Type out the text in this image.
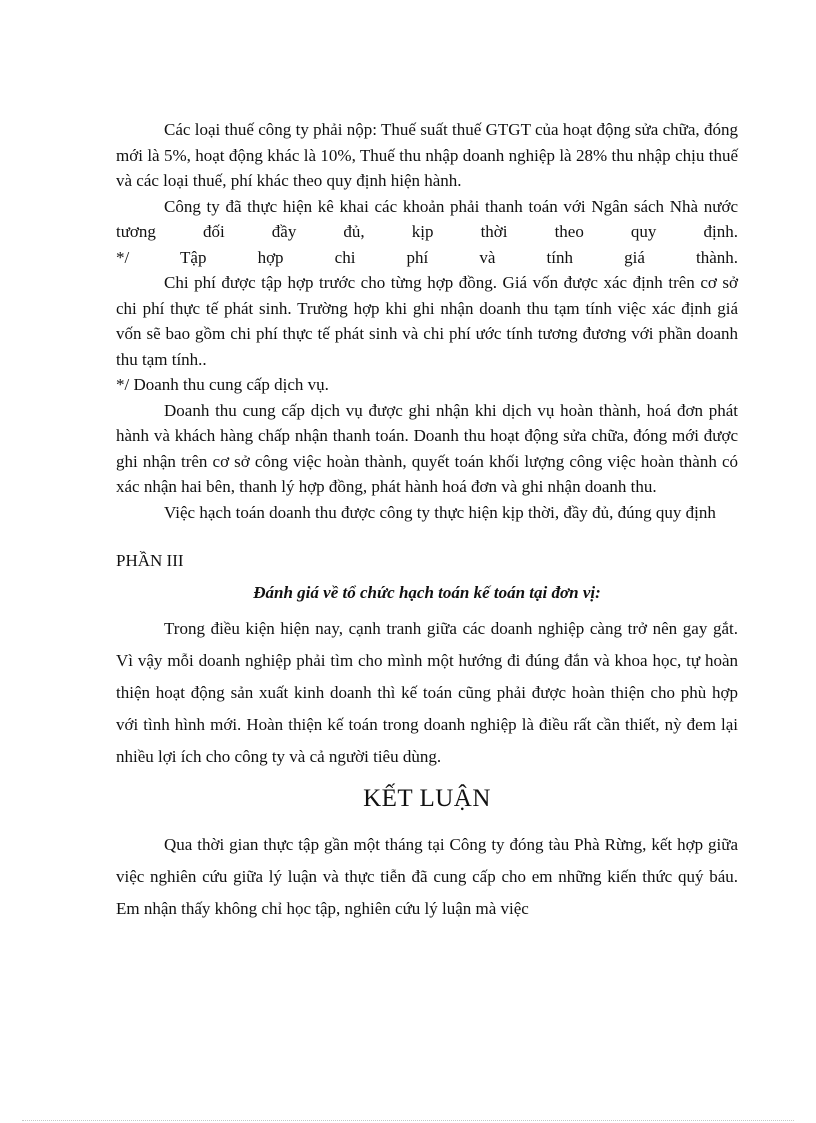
Các loại thuế công ty phải nộp: Thuế suất thuế GTGT của hoạt động sửa chữa, đóng mới là 5%, hoạt động khác là 10%, Thuế thu nhập doanh nghiệp là 28% thu nhập chịu thuế và các loại thuế, phí khác theo quy định hiện hành.

Công ty đã thực hiện kê khai các khoản phải thanh toán với Ngân sách Nhà nước tương đối đầy đủ, kịp thời theo quy định.

*/ Tập hợp chi phí và tính giá thành.

Chi phí được tập hợp trước cho từng hợp đồng. Giá vốn được xác định trên cơ sở chi phí thực tế phát sinh. Trường hợp khi ghi nhận doanh thu tạm tính việc xác định giá vốn sẽ bao gồm chi phí thực tế phát sinh và chi phí ước tính tương đương với phần doanh thu tạm tính..

*/ Doanh thu cung cấp dịch vụ.

Doanh thu cung cấp dịch vụ được ghi nhận khi dịch vụ hoàn thành, hoá đơn phát hành và khách hàng chấp nhận thanh toán. Doanh thu hoạt động sửa chữa, đóng mới được ghi nhận trên cơ sở công việc hoàn thành, quyết toán khối lượng công việc hoàn thành có xác nhận hai bên, thanh lý hợp đồng, phát hành hoá đơn và ghi nhận doanh thu.

Việc hạch toán doanh thu được công ty thực hiện kịp thời, đầy đủ, đúng quy định

PHẦN III

Đánh giá về tổ chức hạch toán kế toán tại đơn vị:

Trong điều kiện hiện nay, cạnh tranh giữa các doanh nghiệp càng trở nên gay gắt. Vì vậy mỗi doanh nghiệp phải tìm cho mình một hướng đi đúng đắn và khoa học, tự hoàn thiện hoạt động sản xuất kinh doanh thì kế toán cũng phải được hoàn thiện cho phù hợp với tình hình mới. Hoàn thiện kế toán trong doanh nghiệp là điều rất cần thiết, nỳ đem lại nhiều lợi ích cho công ty và cả người tiêu dùng.

KẾT LUẬN

Qua thời gian thực tập gần một tháng tại Công ty đóng tàu Phà Rừng, kết hợp giữa việc nghiên cứu giữa lý luận và thực tiễn đã cung cấp cho em những kiến thức quý báu. Em nhận thấy không chỉ học tập, nghiên cứu lý luận mà việc
